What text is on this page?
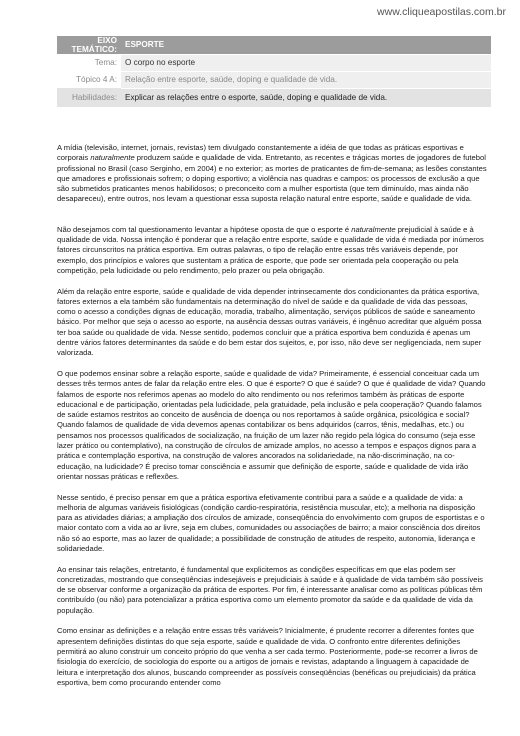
www.cliqueapostilas.com.br
EIXO TEMÁTICO:	ESPORTE
Tema:	O corpo no esporte
Tópico 4 A:	Relação entre esporte, saúde, doping e qualidade de vida.
Habilidades:	Explicar as relações entre o esporte, saúde, doping e qualidade de vida.

A mídia (televisão, internet, jornais, revistas) tem divulgado constantemente a idéia de que todas as práticas esportivas e corporais naturalmente produzem saúde e qualidade de vida. Entretanto, as recentes e trágicas mortes de jogadores de futebol profissional no Brasil (caso Serginho, em 2004) e no exterior; as mortes de praticantes de fim-de-semana; as lesões constantes que amadores e profissionais sofrem; o doping esportivo; a violência nas quadras e campos: os processos de exclusão a que são submetidos praticantes menos habilidosos; o preconceito com a mulher esportista (que tem diminuído, mas ainda não desapareceu), entre outros, nos levam a questionar essa suposta relação natural entre esporte, saúde e qualidade de vida.

Não desejamos com tal questionamento levantar a hipótese oposta de que o esporte é naturalmente prejudicial à saúde e à qualidade de vida. Nossa intenção é ponderar que a relação entre esporte, saúde e qualidade de vida é mediada por inúmeros fatores circunscritos na prática esportiva. Em outras palavras, o tipo de relação entre essas três variáveis depende, por exemplo, dos princípios e valores que sustentam a prática de esporte, que pode ser orientada pela cooperação ou pela competição, pela ludicidade ou pelo rendimento, pelo prazer ou pela obrigação.

Além da relação entre esporte, saúde e qualidade de vida depender intrinsecamente dos condicionantes da prática esportiva, fatores externos a ela também são fundamentais na determinação do nível de saúde e da qualidade de vida das pessoas, como o acesso a condições dignas de educação, moradia, trabalho, alimentação, serviços públicos de saúde e saneamento básico. Por melhor que seja o acesso ao esporte, na ausência dessas outras variáveis, é ingênuo acreditar que alguém possa ter boa saúde ou qualidade de vida. Nesse sentido, podemos concluir que a prática esportiva bem conduzida é apenas um dentre vários fatores determinantes da saúde e do bem estar dos sujeitos, e, por isso, não deve ser negligenciada, nem super valorizada.

O que podemos ensinar sobre a relação esporte, saúde e qualidade de vida? Primeiramente, é essencial conceituar cada um desses três termos antes de falar da relação entre eles. O que é esporte? O que é saúde? O que é qualidade de vida? Quando falamos de esporte nos referimos apenas ao modelo do alto rendimento ou nos referimos também às práticas de esporte educacional e de participação, orientadas pela ludicidade, pela gratuidade, pela inclusão e pela cooperação? Quando falamos de saúde estamos restritos ao conceito de ausência de doença ou nos reportamos à saúde orgânica, psicológica e social? Quando falamos de qualidade de vida devemos apenas contabilizar os bens adquiridos (carros, tênis, medalhas, etc.) ou pensamos nos processos qualificados de socialização, na fruição de um lazer não regido pela lógica do consumo (seja esse lazer prático ou contemplativo), na construção de círculos de amizade amplos, no acesso a tempos e espaços dignos para a prática e contemplação esportiva, na construção de valores ancorados na solidariedade, na não-discriminação, na co-educação, na ludicidade? É preciso tomar consciência e assumir que definição de esporte, saúde e qualidade de vida irão orientar nossas práticas e reflexões.

Nesse sentido, é preciso pensar em que a prática esportiva efetivamente contribui para a saúde e a qualidade de vida: a melhoria de algumas variáveis fisiológicas (condição cardio-respiratória, resistência muscular, etc); a melhoria na disposição para as atividades diárias; a ampliação dos círculos de amizade, conseqüência do envolvimento com grupos de esportistas e o maior contato com a vida ao ar livre, seja em clubes, comunidades ou associações de bairro; a maior consciência dos direitos não só ao esporte, mas ao lazer de qualidade; a possibilidade de construção de atitudes de respeito, autonomia, liderança e solidariedade.

Ao ensinar tais relações, entretanto, é fundamental que explicitemos as condições específicas em que elas podem ser concretizadas, mostrando que conseqüências indesejáveis e prejudiciais à saúde e à qualidade de vida também são possíveis de se observar conforme a organização da prática de esportes. Por fim, é interessante analisar como as políticas públicas têm contribuído (ou não) para potencializar a prática esportiva como um elemento promotor da saúde e da qualidade de vida da população.

Como ensinar as definições e a relação entre essas três variáveis? Inicialmente, é prudente recorrer a diferentes fontes que apresentem definições distintas do que seja esporte, saúde e qualidade de vida. O confronto entre diferentes definições permitirá ao aluno construir um conceito próprio do que venha a ser cada termo. Posteriormente, pode-se recorrer a livros de fisiologia do exercício, de sociologia do esporte ou a artigos de jornais e revistas, adaptando a linguagem à capacidade de leitura e interpretação dos alunos, buscando compreender as possíveis conseqüências (benéficas ou prejudiciais) da prática esportiva, bem como procurando entender como
